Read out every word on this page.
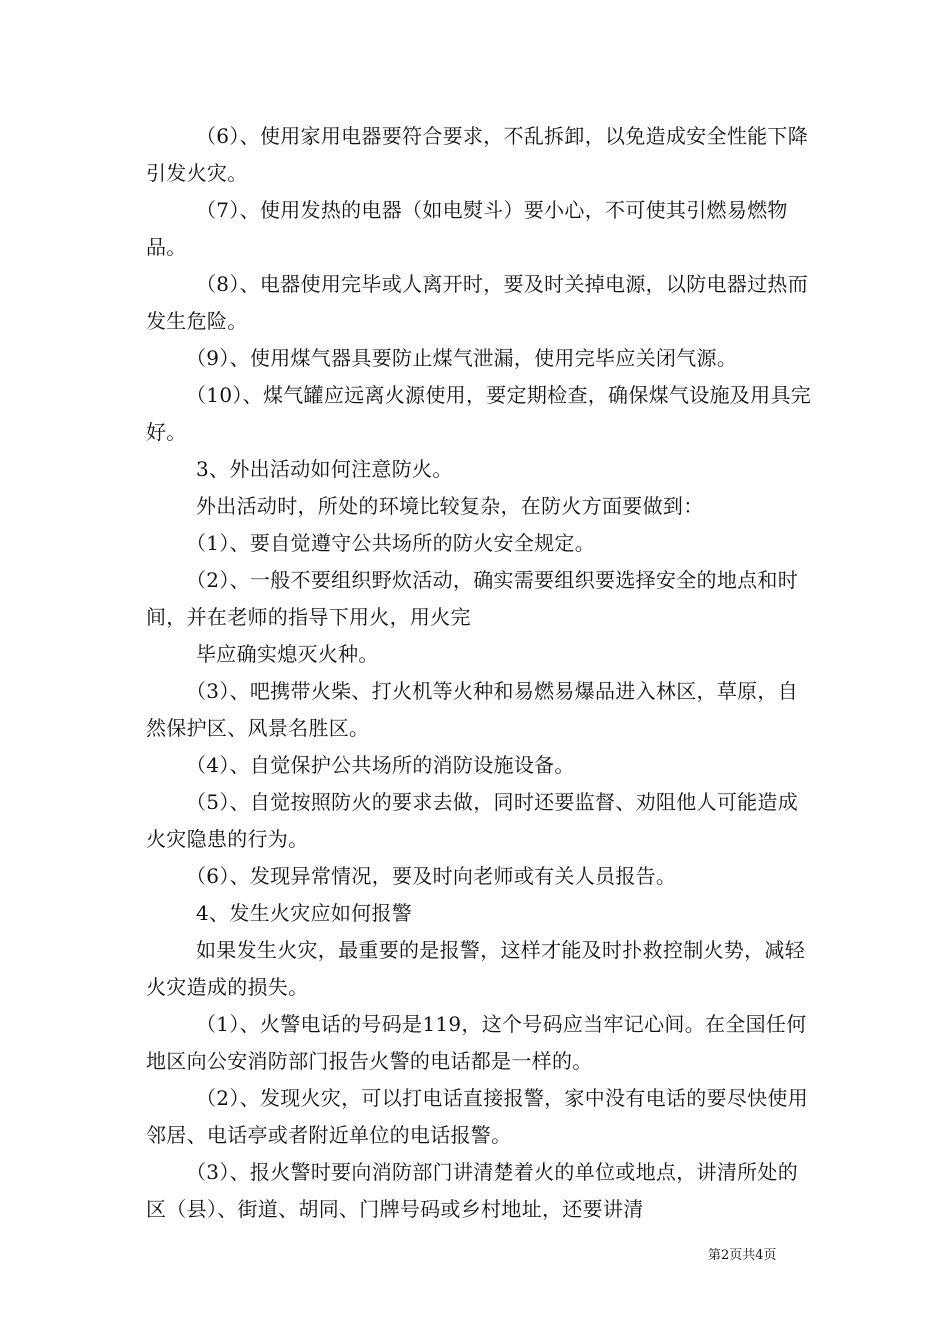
（6）、使用家用电器要符合要求，不乱拆卸，以免造成安全性能下降引发火灾。

（7）、使用发热的电器（如电熨斗）要小心，不可使其引燃易燃物品。

（8）、电器使用完毕或人离开时，要及时关掉电源，以防电器过热而发生危险。

（9）、使用煤气器具要防止煤气泄漏，使用完毕应关闭气源。

（10）、煤气罐应远离火源使用，要定期检查，确保煤气设施及用具完好。

3、外出活动如何注意防火。

外出活动时，所处的环境比较复杂，在防火方面要做到：

（1）、要自觉遵守公共场所的防火安全规定。

（2）、一般不要组织野炊活动，确实需要组织要选择安全的地点和时间，并在老师的指导下用火，用火完

毕应确实熄灭火种。

（3）、吧携带火柴、打火机等火种和易燃易爆品进入林区，草原，自然保护区、风景名胜区。

（4）、自觉保护公共场所的消防设施设备。

（5）、自觉按照防火的要求去做，同时还要监督、劝阻他人可能造成火灾隐患的行为。

（6）、发现异常情况，要及时向老师或有关人员报告。

4、发生火灾应如何报警

如果发生火灾，最重要的是报警，这样才能及时扑救控制火势，减轻火灾造成的损失。

（1）、火警电话的号码是119，这个号码应当牢记心间。在全国任何地区向公安消防部门报告火警的电话都是一样的。

（2）、发现火灾，可以打电话直接报警，家中没有电话的要尽快使用邻居、电话亭或者附近单位的电话报警。

（3）、报火警时要向消防部门讲清楚着火的单位或地点，讲清所处的区（县）、街道、胡同、门牌号码或乡村地址，还要讲清

第2页共4页
